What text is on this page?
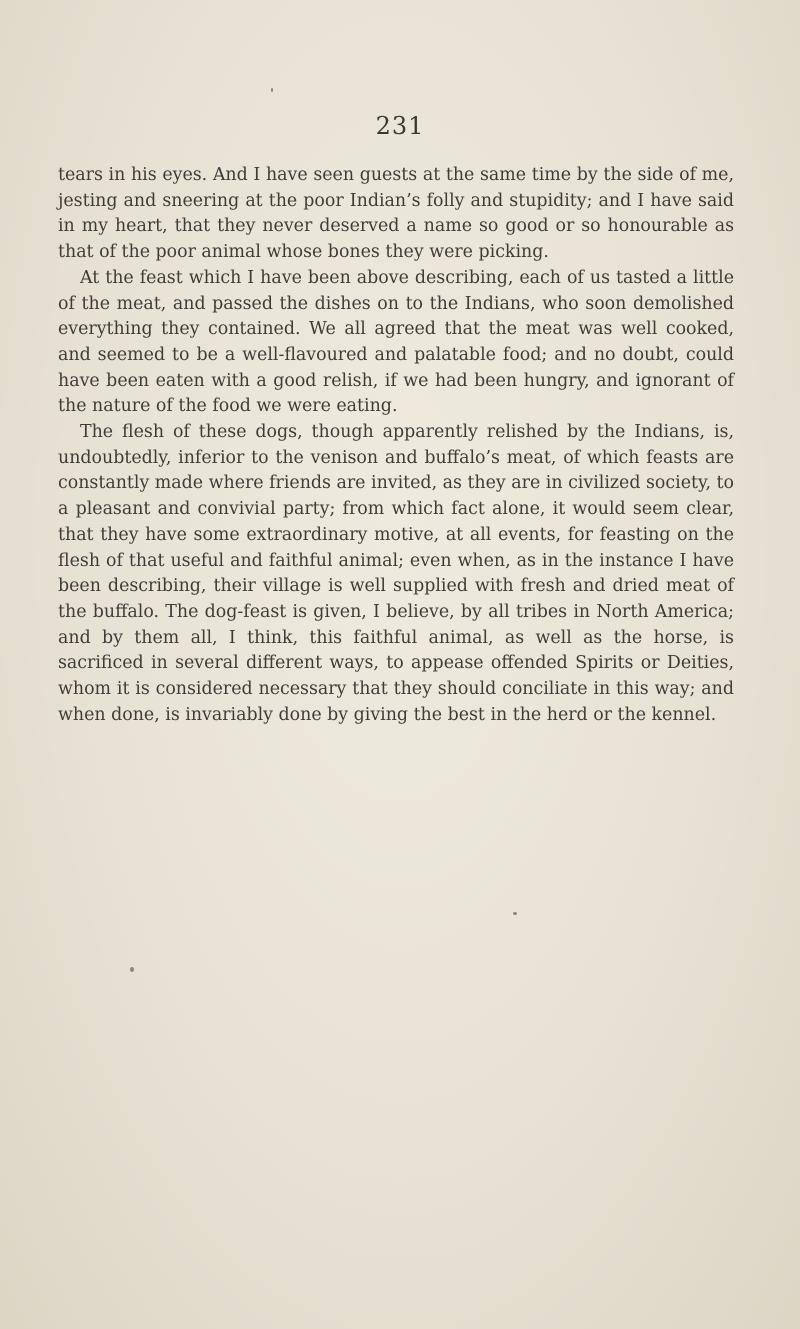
231

tears in his eyes. And I have seen guests at the same time by the side of me, jesting and sneering at the poor Indian’s folly and stupidity; and I have said in my heart, that they never deserved a name so good or so honourable as that of the poor animal whose bones they were picking.

At the feast which I have been above describing, each of us tasted a little of the meat, and passed the dishes on to the Indians, who soon demolished everything they contained. We all agreed that the meat was well cooked, and seemed to be a well-flavoured and palatable food; and no doubt, could have been eaten with a good relish, if we had been hungry, and ignorant of the nature of the food we were eating.

The flesh of these dogs, though apparently relished by the Indians, is, undoubtedly, inferior to the venison and buffalo’s meat, of which feasts are constantly made where friends are invited, as they are in civilized society, to a pleasant and convivial party; from which fact alone, it would seem clear, that they have some extraordinary motive, at all events, for feasting on the flesh of that useful and faithful animal; even when, as in the instance I have been describing, their village is well supplied with fresh and dried meat of the buffalo. The dog-feast is given, I believe, by all tribes in North America; and by them all, I think, this faithful animal, as well as the horse, is sacrificed in several different ways, to appease offended Spirits or Deities, whom it is considered necessary that they should conciliate in this way; and when done, is invariably done by giving the best in the herd or the kennel.
